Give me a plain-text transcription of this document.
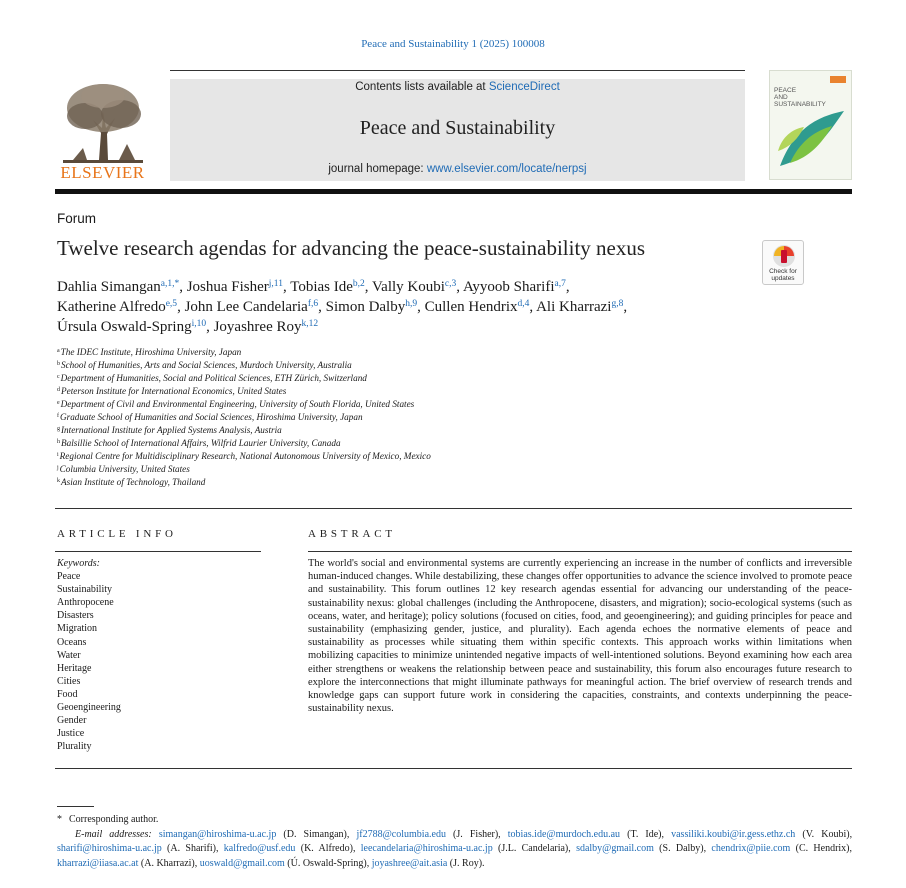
Peace and Sustainability 1 (2025) 100008
ELSEVIER
Contents lists available at ScienceDirect
Peace and Sustainability
journal homepage: www.elsevier.com/locate/nerpsj
PEACE
AND
SUSTAINABILITY
Forum
Twelve research agendas for advancing the peace-sustainability nexus
Check for
updates
Dahlia Simangan$^{a,1,*}$, Joshua Fisher$^{j,11}$, Tobias Ide$^{b,2}$, Vally Koubi$^{c,3}$, Ayyoob Sharifi$^{a,7}$,
Katherine Alfredo$^{e,5}$, John Lee Candelaria$^{f,6}$, Simon Dalby$^{h,9}$, Cullen Hendrix$^{d,4}$, Ali Kharrazi$^{g,8}$,
Úrsula Oswald-Spring$^{i,10}$, Joyashree Roy$^{k,12}$
$^a$The IDEC Institute, Hiroshima University, Japan
$^b$School of Humanities, Arts and Social Sciences, Murdoch University, Australia
$^c$Department of Humanities, Social and Political Sciences, ETH Zürich, Switzerland
$^d$Peterson Institute for International Economics, United States
$^e$Department of Civil and Environmental Engineering, University of South Florida, United States
$^f$Graduate School of Humanities and Social Sciences, Hiroshima University, Japan
$^g$International Institute for Applied Systems Analysis, Austria
$^h$Balsillie School of International Affairs, Wilfrid Laurier University, Canada
$^i$Regional Centre for Multidisciplinary Research, National Autonomous University of Mexico, Mexico
$^j$Columbia University, United States
$^k$Asian Institute of Technology, Thailand
ARTICLE INFO	ABSTRACT
Keywords:
Peace
Sustainability
Anthropocene
Disasters
Migration
Oceans
Water
Heritage
Cities
Food
Geoengineering
Gender
Justice
Plurality
The world's social and environmental systems are currently experiencing an increase in the number of conflicts and irreversible human-induced changes. While destabilizing, these changes offer opportunities to advance the science involved to promote peace and sustainability. This forum outlines 12 key research agendas essential for advancing our understanding of the peace-sustainability nexus: global challenges (including the Anthropocene, disasters, and migration); socio-ecological systems (such as oceans, water, and heritage); policy solutions (focused on cities, food, and geoengineering); and guiding principles for peace and sustainability (emphasizing gender, justice, and plurality). Each agenda echoes the normative elements of peace and sustainability as processes while situating them within specific contexts. This approach works within limitations when mobilizing capacities to minimize unintended negative impacts of well-intentioned solutions. Beyond examining how each area either strengthens or weakens the relationship between peace and sustainability, this forum also encourages future research to explore the interconnections that might illuminate pathways for meaningful action. The brief overview of research trends and knowledge gaps can support future work in considering the capacities, constraints, and contexts underpinning the peace-sustainability nexus.
* Corresponding author.
E-mail addresses: simangan@hiroshima-u.ac.jp (D. Simangan), jf2788@columbia.edu (J. Fisher), tobias.ide@murdoch.edu.au (T. Ide), vassiliki.koubi@ir.gess.ethz.ch (V. Koubi), sharifi@hiroshima-u.ac.jp (A. Sharifi), kalfredo@usf.edu (K. Alfredo), leecandelaria@hiroshima-u.ac.jp (J.L. Candelaria), sdalby@gmail.com (S. Dalby), chendrix@piie.com (C. Hendrix), kharrazi@iiasa.ac.at (A. Kharrazi), uoswald@gmail.com (Ú. Oswald-Spring), joyashree@ait.asia (J. Roy).
